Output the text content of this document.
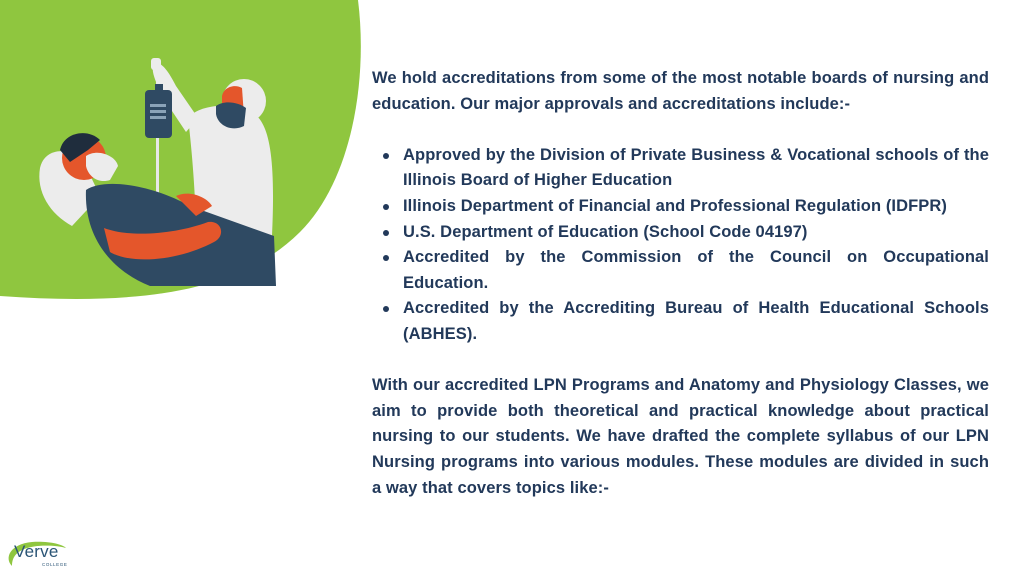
We hold accreditations from some of the most notable boards of nursing and education. Our major approvals and accreditations include:-

Approved by the Division of Private Business & Vocational schools of the Illinois Board of Higher Education
Illinois Department of Financial and Professional Regulation (IDFPR)
U.S. Department of Education (School Code 04197)
Accredited by the Commission of the Council on Occupational Education.
Accredited by the Accrediting Bureau of Health Educational Schools (ABHES).

With our accredited LPN Programs and Anatomy and Physiology Classes, we aim to provide both theoretical and practical knowledge about practical nursing to our students. We have drafted the complete syllabus of our LPN Nursing programs into various modules. These modules are divided in such a way that covers topics like:-

Verve
COLLEGE
